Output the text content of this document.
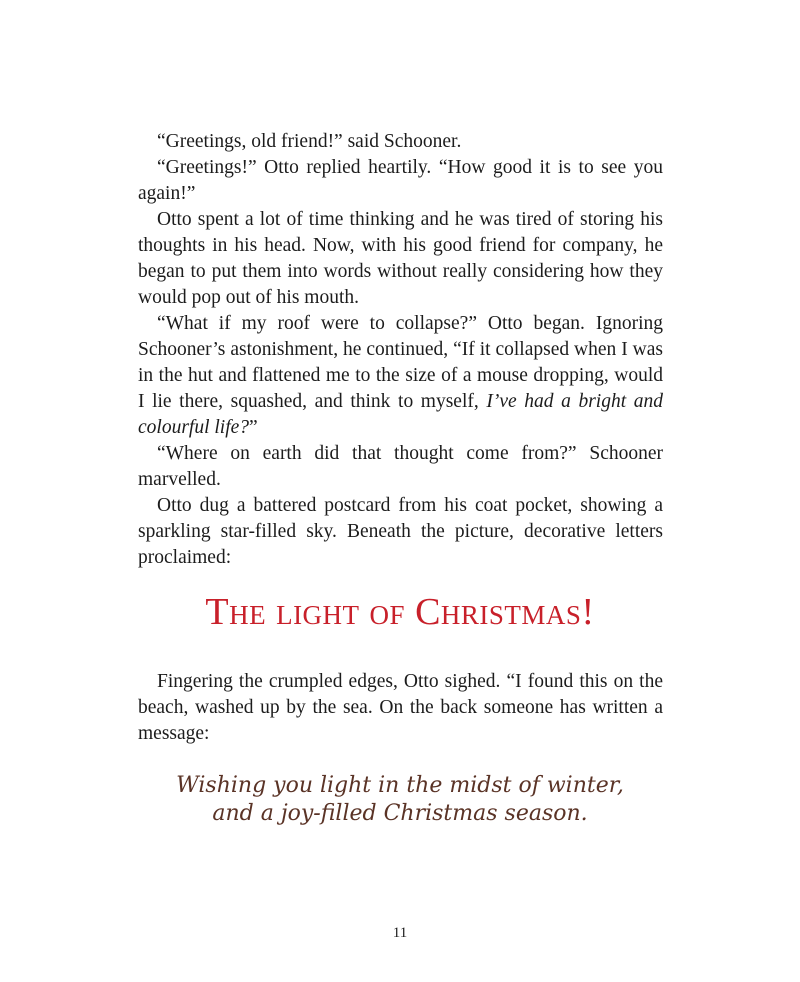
“Greetings, old friend!” said Schooner.

“Greetings!” Otto replied heartily. “How good it is to see you again!”

Otto spent a lot of time thinking and he was tired of storing his thoughts in his head. Now, with his good friend for company, he began to put them into words without really considering how they would pop out of his mouth.

“What if my roof were to collapse?” Otto began. Ignoring Schooner’s astonishment, he continued, “If it collapsed when I was in the hut and flattened me to the size of a mouse dropping, would I lie there, squashed, and think to myself, I’ve had a bright and colourful life?”

“Where on earth did that thought come from?” Schooner marvelled.

Otto dug a battered postcard from his coat pocket, showing a sparkling star-filled sky. Beneath the picture, decorative letters proclaimed:

The light of Christmas!

Fingering the crumpled edges, Otto sighed. “I found this on the beach, washed up by the sea. On the back someone has written a message:

Wishing you light in the midst of winter,
and a joy-filled Christmas season.
11
